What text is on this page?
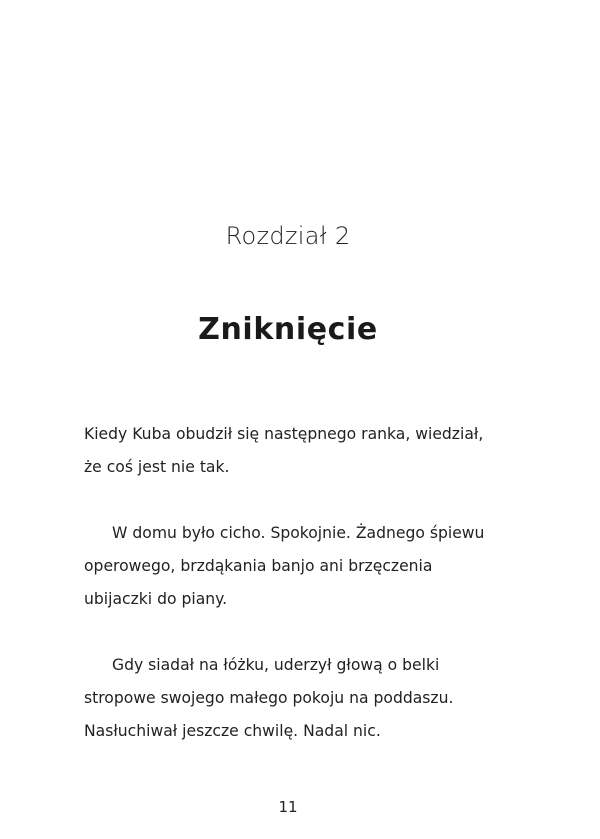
Rozdział 2
Zniknięcie

Kiedy Kuba obudził się następnego ranka, wiedział, że coś jest nie tak.

W domu było cicho. Spokojnie. Żadnego śpiewu operowego, brzdąkania banjo ani brzęczenia ubijaczki do piany.

Gdy siadał na łóżku, uderzył głową o belki stropowe swojego małego pokoju na poddaszu. Nasłuchiwał jeszcze chwilę. Nadal nic.

11
